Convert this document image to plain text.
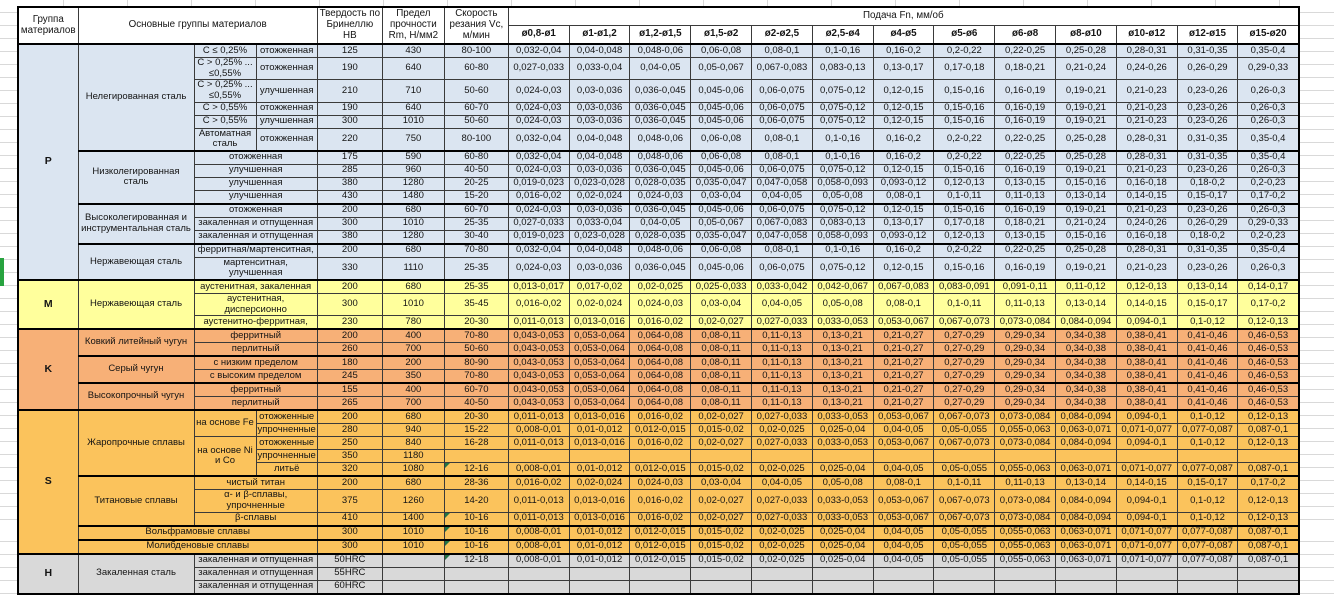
Группа материалов	Основные группы материалов			Твердость по Бринеллю HB	Предел прочности Rm, Н/мм2	Скорость резания Vc, м/мин	Подача Fn, мм/об												
							ø0,8-ø1	ø1-ø1,2	ø1,2-ø1,5	ø1,5-ø2	ø2-ø2,5	ø2,5-ø4	ø4-ø5	ø5-ø6	ø6-ø8	ø8-ø10	ø10-ø12	ø12-ø15	ø15-ø20
P	Нелегированная сталь	С ≤ 0,25%	отожженная	125	430	80-100	0,032-0,04	0,04-0,048	0,048-0,06	0,06-0,08	0,08-0,1	0,1-0,16	0,16-0,2	0,2-0,22	0,22-0,25	0,25-0,28	0,28-0,31	0,31-0,35	0,35-0,4
		С > 0,25% ... ≤0,55%	отожженная	190	640	60-80	0,027-0,033	0,033-0,04	0,04-0,05	0,05-0,067	0,067-0,083	0,083-0,13	0,13-0,17	0,17-0,18	0,18-0,21	0,21-0,24	0,24-0,26	0,26-0,29	0,29-0,33
		С > 0,25% ... ≤0,55%	улучшенная	210	710	50-60	0,024-0,03	0,03-0,036	0,036-0,045	0,045-0,06	0,06-0,075	0,075-0,12	0,12-0,15	0,15-0,16	0,16-0,19	0,19-0,21	0,21-0,23	0,23-0,26	0,26-0,3
		С > 0,55%	отожженная	190	640	60-70	0,024-0,03	0,03-0,036	0,036-0,045	0,045-0,06	0,06-0,075	0,075-0,12	0,12-0,15	0,15-0,16	0,16-0,19	0,19-0,21	0,21-0,23	0,23-0,26	0,26-0,3
		С > 0,55%	улучшенная	300	1010	50-60	0,024-0,03	0,03-0,036	0,036-0,045	0,045-0,06	0,06-0,075	0,075-0,12	0,12-0,15	0,15-0,16	0,16-0,19	0,19-0,21	0,21-0,23	0,23-0,26	0,26-0,3
		Автоматная сталь	отожженная	220	750	80-100	0,032-0,04	0,04-0,048	0,048-0,06	0,06-0,08	0,08-0,1	0,1-0,16	0,16-0,2	0,2-0,22	0,22-0,25	0,25-0,28	0,28-0,31	0,31-0,35	0,35-0,4
	Низколегированная сталь	отожженная		175	590	60-80	0,032-0,04	0,04-0,048	0,048-0,06	0,06-0,08	0,08-0,1	0,1-0,16	0,16-0,2	0,2-0,22	0,22-0,25	0,25-0,28	0,28-0,31	0,31-0,35	0,35-0,4
		улучшенная		285	960	40-50	0,024-0,03	0,03-0,036	0,036-0,045	0,045-0,06	0,06-0,075	0,075-0,12	0,12-0,15	0,15-0,16	0,16-0,19	0,19-0,21	0,21-0,23	0,23-0,26	0,26-0,3
		улучшенная		380	1280	20-25	0,019-0,023	0,023-0,028	0,028-0,035	0,035-0,047	0,047-0,058	0,058-0,093	0,093-0,12	0,12-0,13	0,13-0,15	0,15-0,16	0,16-0,18	0,18-0,2	0,2-0,23
		улучшенная		430	1480	15-20	0,016-0,02	0,02-0,024	0,024-0,03	0,03-0,04	0,04-0,05	0,05-0,08	0,08-0,1	0,1-0,11	0,11-0,13	0,13-0,14	0,14-0,15	0,15-0,17	0,17-0,2
	Высоколегированная и инструментальная сталь	отожженная		200	680	60-70	0,024-0,03	0,03-0,036	0,036-0,045	0,045-0,06	0,06-0,075	0,075-0,12	0,12-0,15	0,15-0,16	0,16-0,19	0,19-0,21	0,21-0,23	0,23-0,26	0,26-0,3
		закаленная и отпущенная		300	1010	25-35	0,027-0,033	0,033-0,04	0,04-0,05	0,05-0,067	0,067-0,083	0,083-0,13	0,13-0,17	0,17-0,18	0,18-0,21	0,21-0,24	0,24-0,26	0,26-0,29	0,29-0,33
		закаленная и отпущенная		380	1280	30-40	0,019-0,023	0,023-0,028	0,028-0,035	0,035-0,047	0,047-0,058	0,058-0,093	0,093-0,12	0,12-0,13	0,13-0,15	0,15-0,16	0,16-0,18	0,18-0,2	0,2-0,23
	Нержавеющая сталь	ферритная/мартенситная,		200	680	70-80	0,032-0,04	0,04-0,048	0,048-0,06	0,06-0,08	0,08-0,1	0,1-0,16	0,16-0,2	0,2-0,22	0,22-0,25	0,25-0,28	0,28-0,31	0,31-0,35	0,35-0,4
		мартенситная, улучшенная		330	1110	25-35	0,024-0,03	0,03-0,036	0,036-0,045	0,045-0,06	0,06-0,075	0,075-0,12	0,12-0,15	0,15-0,16	0,16-0,19	0,19-0,21	0,21-0,23	0,23-0,26	0,26-0,3
M	Нержавеющая сталь	аустенитная, закаленная		200	680	25-35	0,013-0,017	0,017-0,02	0,02-0,025	0,025-0,033	0,033-0,042	0,042-0,067	0,067-0,083	0,083-0,091	0,091-0,11	0,11-0,12	0,12-0,13	0,13-0,14	0,14-0,17
		аустенитная, дисперсионно		300	1010	35-45	0,016-0,02	0,02-0,024	0,024-0,03	0,03-0,04	0,04-0,05	0,05-0,08	0,08-0,1	0,1-0,11	0,11-0,13	0,13-0,14	0,14-0,15	0,15-0,17	0,17-0,2
		аустенитно-ферритная,		230	780	20-30	0,011-0,013	0,013-0,016	0,016-0,02	0,02-0,027	0,027-0,033	0,033-0,053	0,053-0,067	0,067-0,073	0,073-0,084	0,084-0,094	0,094-0,1	0,1-0,12	0,12-0,13
K	Ковкий литейный чугун	ферритный		200	400	70-80	0,043-0,053	0,053-0,064	0,064-0,08	0,08-0,11	0,11-0,13	0,13-0,21	0,21-0,27	0,27-0,29	0,29-0,34	0,34-0,38	0,38-0,41	0,41-0,46	0,46-0,53
		перлитный		260	700	50-60	0,043-0,053	0,053-0,064	0,064-0,08	0,08-0,11	0,11-0,13	0,13-0,21	0,21-0,27	0,27-0,29	0,29-0,34	0,34-0,38	0,38-0,41	0,41-0,46	0,46-0,53
	Серый чугун	с низким пределом		180	200	80-90	0,043-0,053	0,053-0,064	0,064-0,08	0,08-0,11	0,11-0,13	0,13-0,21	0,21-0,27	0,27-0,29	0,29-0,34	0,34-0,38	0,38-0,41	0,41-0,46	0,46-0,53
		с высоким пределом		245	350	70-80	0,043-0,053	0,053-0,064	0,064-0,08	0,08-0,11	0,11-0,13	0,13-0,21	0,21-0,27	0,27-0,29	0,29-0,34	0,34-0,38	0,38-0,41	0,41-0,46	0,46-0,53
	Высокопрочный чугун	ферритный		155	400	60-70	0,043-0,053	0,053-0,064	0,064-0,08	0,08-0,11	0,11-0,13	0,13-0,21	0,21-0,27	0,27-0,29	0,29-0,34	0,34-0,38	0,38-0,41	0,41-0,46	0,46-0,53
		перлитный		265	700	40-50	0,043-0,053	0,053-0,064	0,064-0,08	0,08-0,11	0,11-0,13	0,13-0,21	0,21-0,27	0,27-0,29	0,29-0,34	0,34-0,38	0,38-0,41	0,41-0,46	0,46-0,53
S	Жаропрочные сплавы	на основе Fe	отожженные	200	680	20-30	0,011-0,013	0,013-0,016	0,016-0,02	0,02-0,027	0,027-0,033	0,033-0,053	0,053-0,067	0,067-0,073	0,073-0,084	0,084-0,094	0,094-0,1	0,1-0,12	0,12-0,13
			упрочненные	280	940	15-22	0,008-0,01	0,01-0,012	0,012-0,015	0,015-0,02	0,02-0,025	0,025-0,04	0,04-0,05	0,05-0,055	0,055-0,063	0,063-0,071	0,071-0,077	0,077-0,087	0,087-0,1
		на основе Ni и Co	отожженные	250	840	16-28	0,011-0,013	0,013-0,016	0,016-0,02	0,02-0,027	0,027-0,033	0,033-0,053	0,053-0,067	0,067-0,073	0,073-0,084	0,084-0,094	0,094-0,1	0,1-0,12	0,12-0,13
			упрочненные	350	1180														
			литьё	320	1080	12-16	0,008-0,01	0,01-0,012	0,012-0,015	0,015-0,02	0,02-0,025	0,025-0,04	0,04-0,05	0,05-0,055	0,055-0,063	0,063-0,071	0,071-0,077	0,077-0,087	0,087-0,1
	Титановые сплавы	чистый титан		200	680	28-36	0,016-0,02	0,02-0,024	0,024-0,03	0,03-0,04	0,04-0,05	0,05-0,08	0,08-0,1	0,1-0,11	0,11-0,13	0,13-0,14	0,14-0,15	0,15-0,17	0,17-0,2
		α- и β-сплавы, упрочненные		375	1260	14-20	0,011-0,013	0,013-0,016	0,016-0,02	0,02-0,027	0,027-0,033	0,033-0,053	0,053-0,067	0,067-0,073	0,073-0,084	0,084-0,094	0,094-0,1	0,1-0,12	0,12-0,13
		β-сплавы		410	1400	10-16	0,011-0,013	0,013-0,016	0,016-0,02	0,02-0,027	0,027-0,033	0,033-0,053	0,053-0,067	0,067-0,073	0,073-0,084	0,084-0,094	0,094-0,1	0,1-0,12	0,12-0,13
	Вольфрамовые сплавы			300	1010	10-16	0,008-0,01	0,01-0,012	0,012-0,015	0,015-0,02	0,02-0,025	0,025-0,04	0,04-0,05	0,05-0,055	0,055-0,063	0,063-0,071	0,071-0,077	0,077-0,087	0,087-0,1
	Молибденовые сплавы			300	1010	10-16	0,008-0,01	0,01-0,012	0,012-0,015	0,015-0,02	0,02-0,025	0,025-0,04	0,04-0,05	0,05-0,055	0,055-0,063	0,063-0,071	0,071-0,077	0,077-0,087	0,087-0,1
H	Закаленная сталь	закаленная и отпущенная		50HRC		12-18	0,008-0,01	0,01-0,012	0,012-0,015	0,015-0,02	0,02-0,025	0,025-0,04	0,04-0,05	0,05-0,055	0,055-0,063	0,063-0,071	0,071-0,077	0,077-0,087	0,087-0,1
		закаленная и отпущенная		55HRC															
		закаленная и отпущенная		60HRC															
